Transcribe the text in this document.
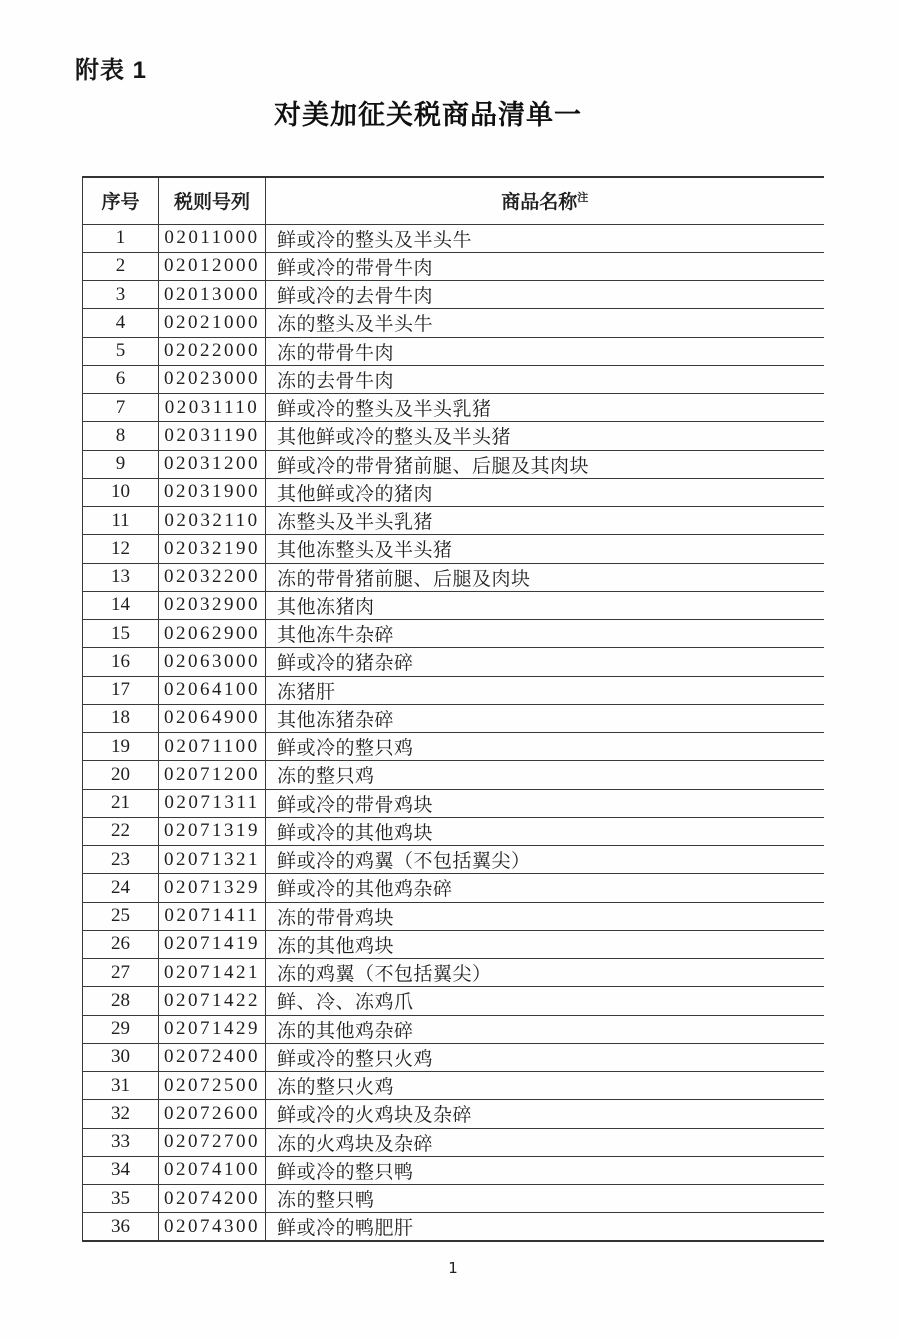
附表 1
对美加征关税商品清单一
序号	税则号列	商品名称$^注$
1	02011000	鲜或冷的整头及半头牛
2	02012000	鲜或冷的带骨牛肉
3	02013000	鲜或冷的去骨牛肉
4	02021000	冻的整头及半头牛
5	02022000	冻的带骨牛肉
6	02023000	冻的去骨牛肉
7	02031110	鲜或冷的整头及半头乳猪
8	02031190	其他鲜或冷的整头及半头猪
9	02031200	鲜或冷的带骨猪前腿、后腿及其肉块
10	02031900	其他鲜或冷的猪肉
11	02032110	冻整头及半头乳猪
12	02032190	其他冻整头及半头猪
13	02032200	冻的带骨猪前腿、后腿及肉块
14	02032900	其他冻猪肉
15	02062900	其他冻牛杂碎
16	02063000	鲜或冷的猪杂碎
17	02064100	冻猪肝
18	02064900	其他冻猪杂碎
19	02071100	鲜或冷的整只鸡
20	02071200	冻的整只鸡
21	02071311	鲜或冷的带骨鸡块
22	02071319	鲜或冷的其他鸡块
23	02071321	鲜或冷的鸡翼（不包括翼尖）
24	02071329	鲜或冷的其他鸡杂碎
25	02071411	冻的带骨鸡块
26	02071419	冻的其他鸡块
27	02071421	冻的鸡翼（不包括翼尖）
28	02071422	鲜、冷、冻鸡爪
29	02071429	冻的其他鸡杂碎
30	02072400	鲜或冷的整只火鸡
31	02072500	冻的整只火鸡
32	02072600	鲜或冷的火鸡块及杂碎
33	02072700	冻的火鸡块及杂碎
34	02074100	鲜或冷的整只鸭
35	02074200	冻的整只鸭
36	02074300	鲜或冷的鸭肥肝
1
